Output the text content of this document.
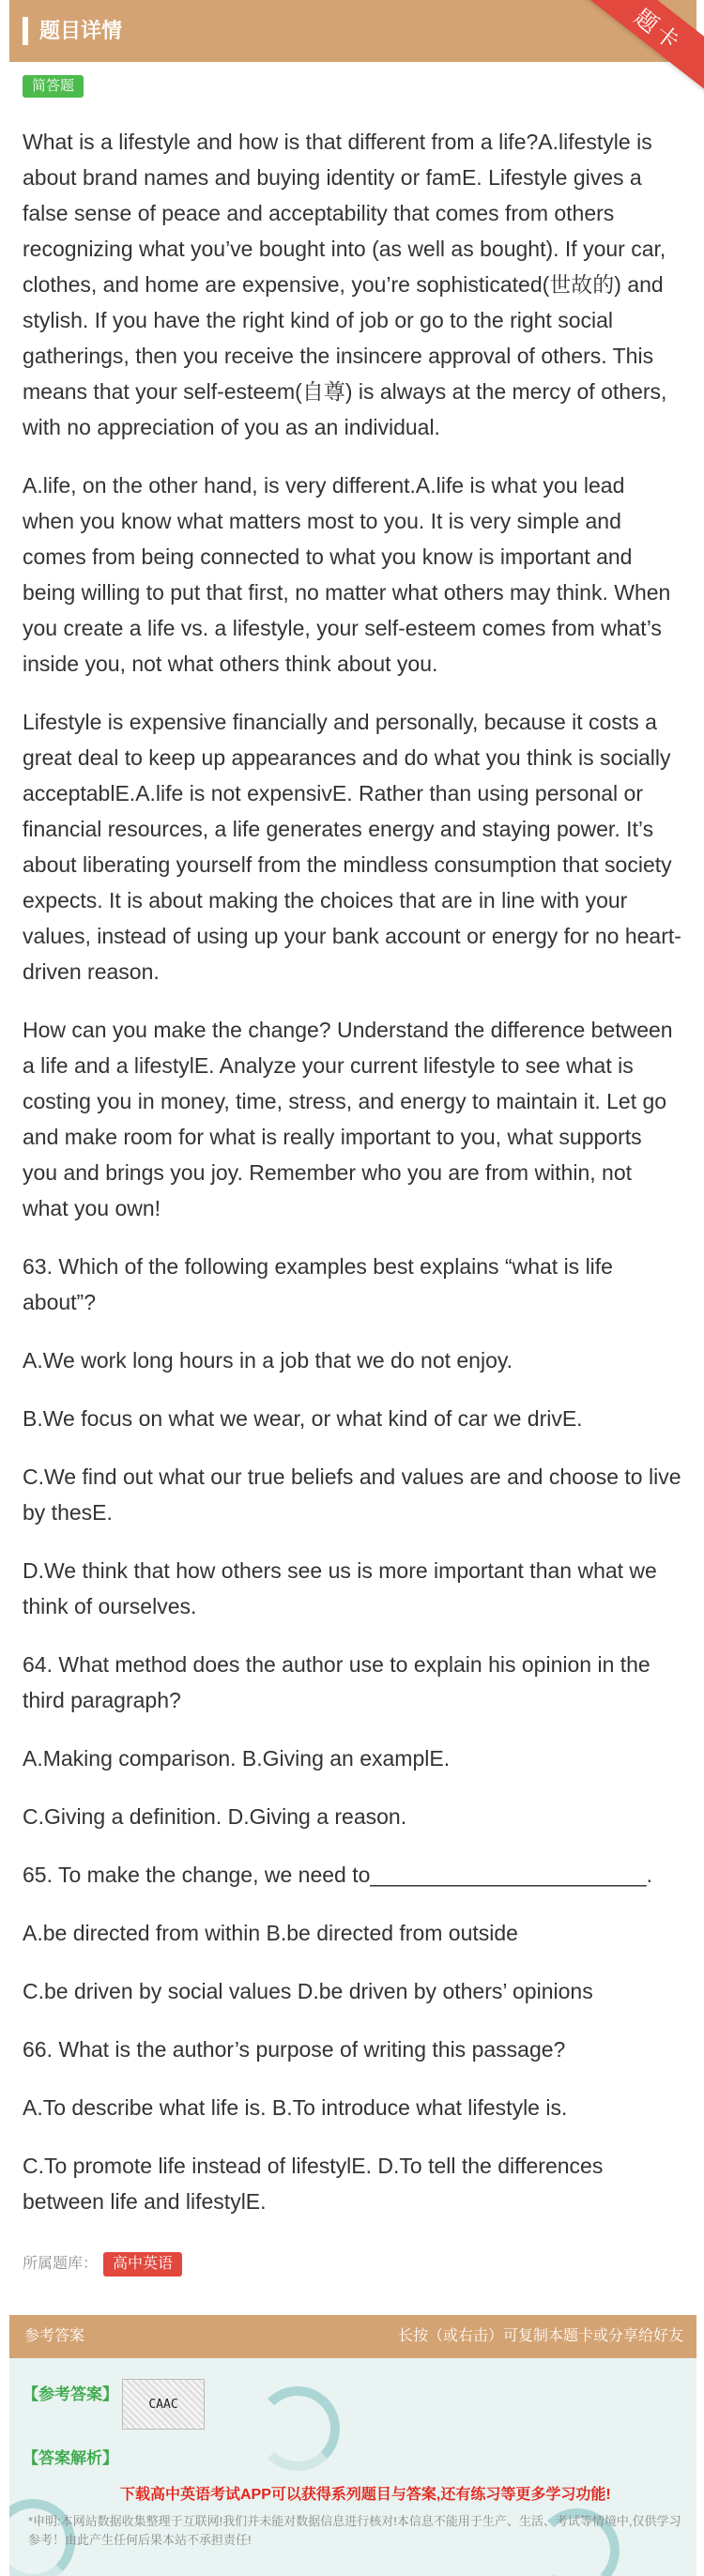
题目详情	题卡
简答题

What is a lifestyle and how is that different from a life?A.lifestyle is about brand names and buying identity or famE. Lifestyle gives a false sense of peace and acceptability that comes from others recognizing what you’ve bought into (as well as bought). If your car, clothes, and home are expensive, you’re sophisticated(世故的) and stylish. If you have the right kind of job or go to the right social gatherings, then you receive the insincere approval of others. This means that your self-esteem(自尊) is always at the mercy of others, with no appreciation of you as an individual.

A.life, on the other hand, is very different.A.life is what you lead when you know what matters most to you. It is very simple and comes from being connected to what you know is important and being willing to put that first, no matter what others may think. When you create a life vs. a lifestyle, your self-esteem comes from what’s inside you, not what others think about you.

Lifestyle is expensive financially and personally, because it costs a great deal to keep up appearances and do what you think is socially acceptablE.A.life is not expensivE. Rather than using personal or financial resources, a life generates energy and staying power. It’s about liberating yourself from the mindless consumption that society expects. It is about making the choices that are in line with your values, instead of using up your bank account or energy for no heart-driven reason.

How can you make the change? Understand the difference between a life and a lifestylE. Analyze your current lifestyle to see what is costing you in money, time, stress, and energy to maintain it. Let go and make room for what is really important to you, what supports you and brings you joy. Remember who you are from within, not what you own!

63. Which of the following examples best explains “what is life about”?

A.We work long hours in a job that we do not enjoy.

B.We focus on what we wear, or what kind of car we drivE.

C.We find out what our true beliefs and values are and choose to live by thesE.

D.We think that how others see us is more important than what we think of ourselves.

64. What method does the author use to explain his opinion in the third paragraph?

A.Making comparison. B.Giving an examplE.

C.Giving a definition. D.Giving a reason.

65. To make the change, we need to_______________________.

A.be directed from within B.be directed from outside

C.be driven by social values D.be driven by others’ opinions

66. What is the author’s purpose of writing this passage?

A.To describe what life is. B.To introduce what lifestyle is.

C.To promote life instead of lifestylE. D.To tell the differences between life and lifestylE.

所属题库： 高中英语
参考答案	长按（或右击）可复制本题卡或分享给好友
【参考答案】
CAAC
【答案解析】
下载高中英语考试APP可以获得系列题目与答案,还有练习等更多学习功能!
*申明:本网站数据收集整理于互联网!我们并未能对数据信息进行核对!本信息不能用于生产、生活、考试等情境中,仅供学习参考！由此产生任何后果本站不承担责任!
